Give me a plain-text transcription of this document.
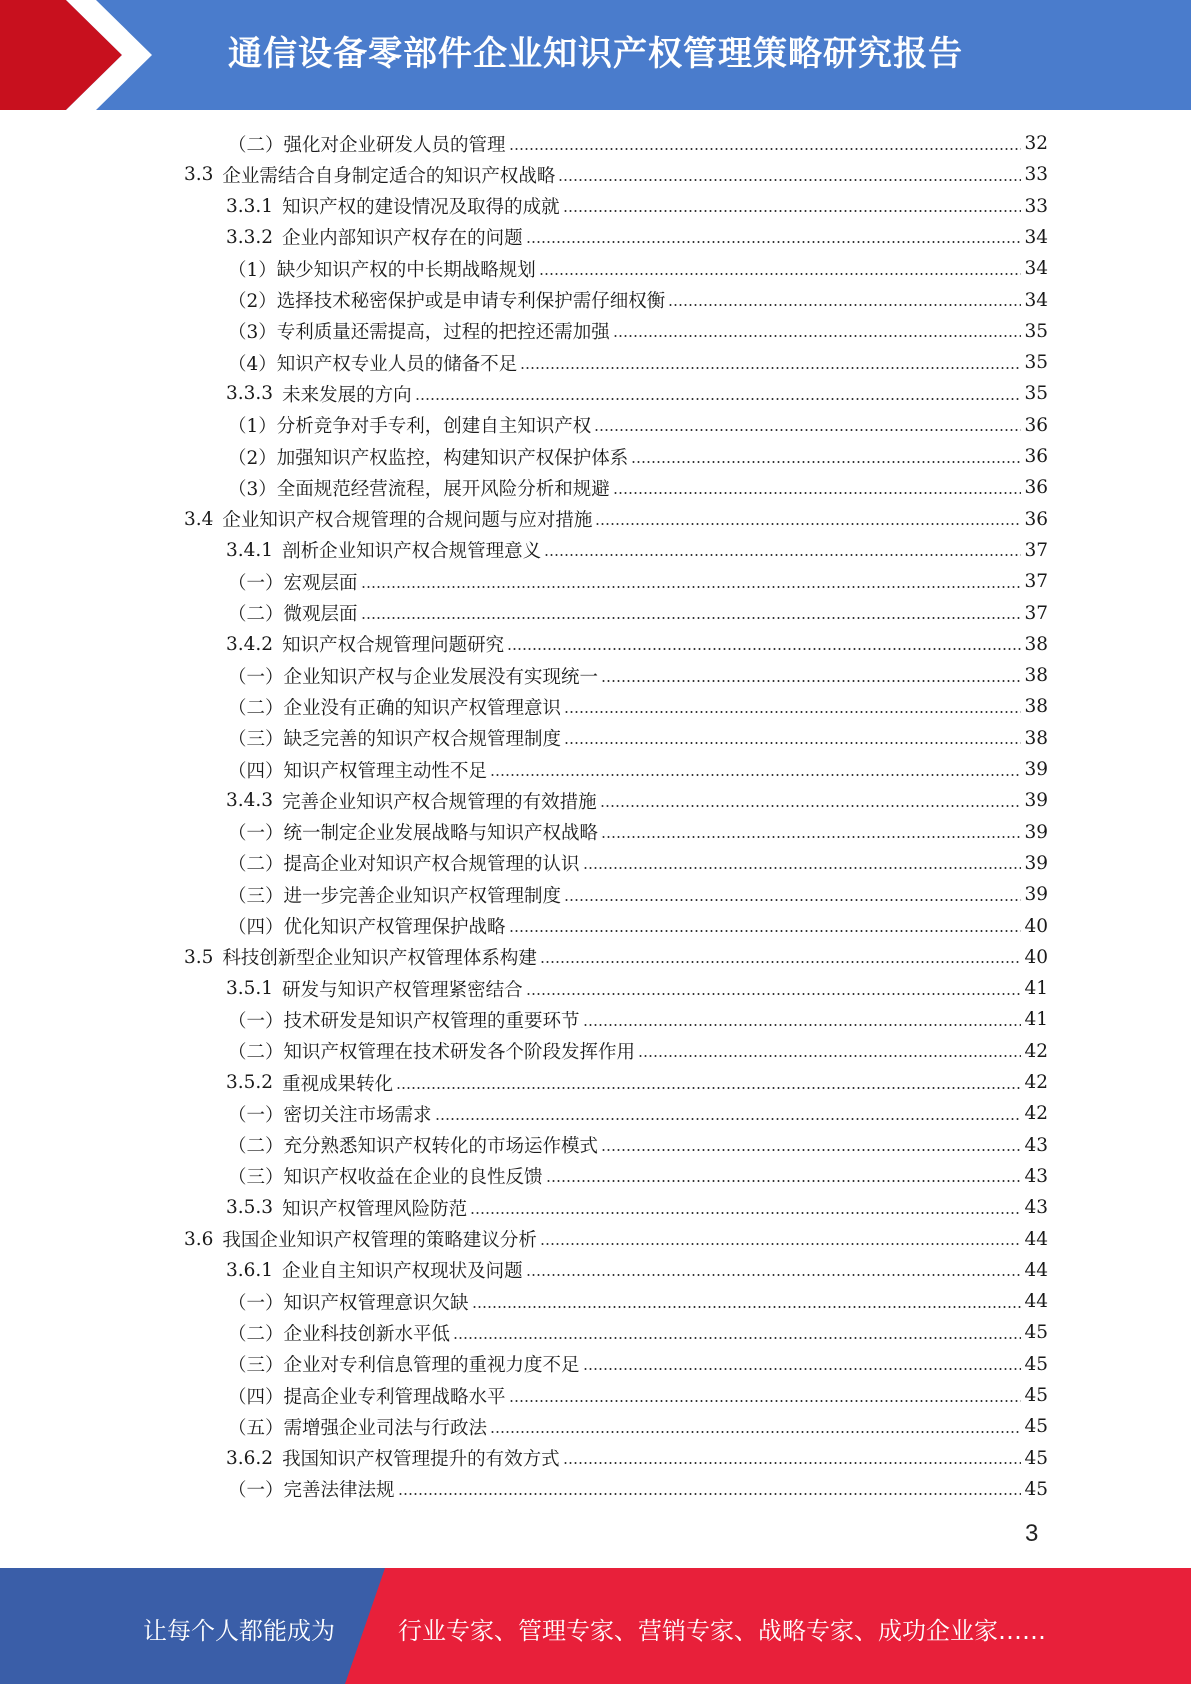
通信设备零部件企业知识产权管理策略研究报告
（二）强化对企业研发人员的管理	32
3.3 企业需结合自身制定适合的知识产权战略	33
3.3.1 知识产权的建设情况及取得的成就	33
3.3.2 企业内部知识产权存在的问题	34
（1）缺少知识产权的中长期战略规划	34
（2）选择技术秘密保护或是申请专利保护需仔细权衡	34
（3）专利质量还需提高，过程的把控还需加强	35
（4）知识产权专业人员的储备不足	35
3.3.3 未来发展的方向	35
（1）分析竞争对手专利，创建自主知识产权	36
（2）加强知识产权监控，构建知识产权保护体系	36
（3）全面规范经营流程，展开风险分析和规避	36
3.4 企业知识产权合规管理的合规问题与应对措施	36
3.4.1 剖析企业知识产权合规管理意义	37
（一）宏观层面	37
（二）微观层面	37
3.4.2 知识产权合规管理问题研究	38
（一）企业知识产权与企业发展没有实现统一	38
（二）企业没有正确的知识产权管理意识	38
（三）缺乏完善的知识产权合规管理制度	38
（四）知识产权管理主动性不足	39
3.4.3 完善企业知识产权合规管理的有效措施	39
（一）统一制定企业发展战略与知识产权战略	39
（二）提高企业对知识产权合规管理的认识	39
（三）进一步完善企业知识产权管理制度	39
（四）优化知识产权管理保护战略	40
3.5 科技创新型企业知识产权管理体系构建	40
3.5.1 研发与知识产权管理紧密结合	41
（一）技术研发是知识产权管理的重要环节	41
（二）知识产权管理在技术研发各个阶段发挥作用	42
3.5.2 重视成果转化	42
（一）密切关注市场需求	42
（二）充分熟悉知识产权转化的市场运作模式	43
（三）知识产权收益在企业的良性反馈	43
3.5.3 知识产权管理风险防范	43
3.6 我国企业知识产权管理的策略建议分析	44
3.6.1 企业自主知识产权现状及问题	44
（一）知识产权管理意识欠缺	44
（二）企业科技创新水平低	45
（三）企业对专利信息管理的重视力度不足	45
（四）提高企业专利管理战略水平	45
（五）需增强企业司法与行政法	45
3.6.2 我国知识产权管理提升的有效方式	45
（一）完善法律法规	45
3
让每个人都能成为	行业专家、管理专家、营销专家、战略专家、成功企业家……
